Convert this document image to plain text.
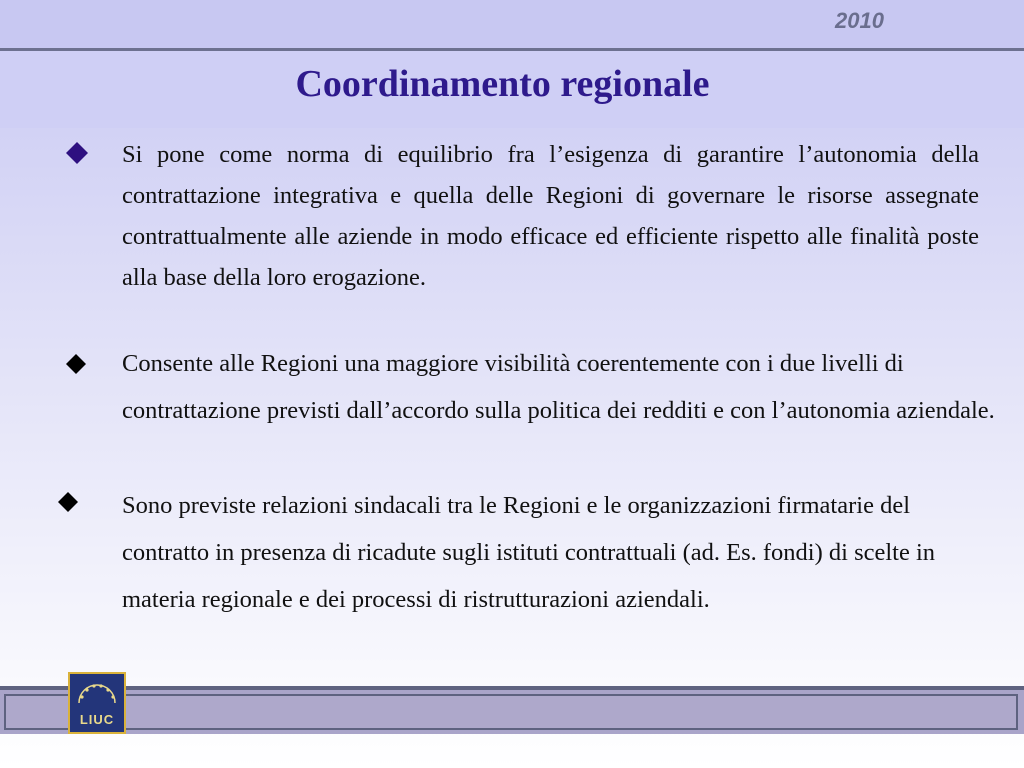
2010
Coordinamento regionale
Si pone come norma di equilibrio fra l’esigenza di garantire l’autonomia della contrattazione integrativa e quella delle Regioni di governare le risorse assegnate contrattualmente alle aziende in modo efficace ed efficiente rispetto alle finalità poste alla base della loro erogazione.
Consente alle Regioni una maggiore visibilità coerentemente con i due livelli di contrattazione previsti dall’accordo sulla politica dei redditi e con l’autonomia aziendale.
Sono previste relazioni sindacali tra le Regioni e le organizzazioni firmatarie del contratto in presenza di ricadute sugli istituti contrattuali (ad. Es. fondi) di scelte in materia regionale e dei processi di ristrutturazioni aziendali.
LIUC
